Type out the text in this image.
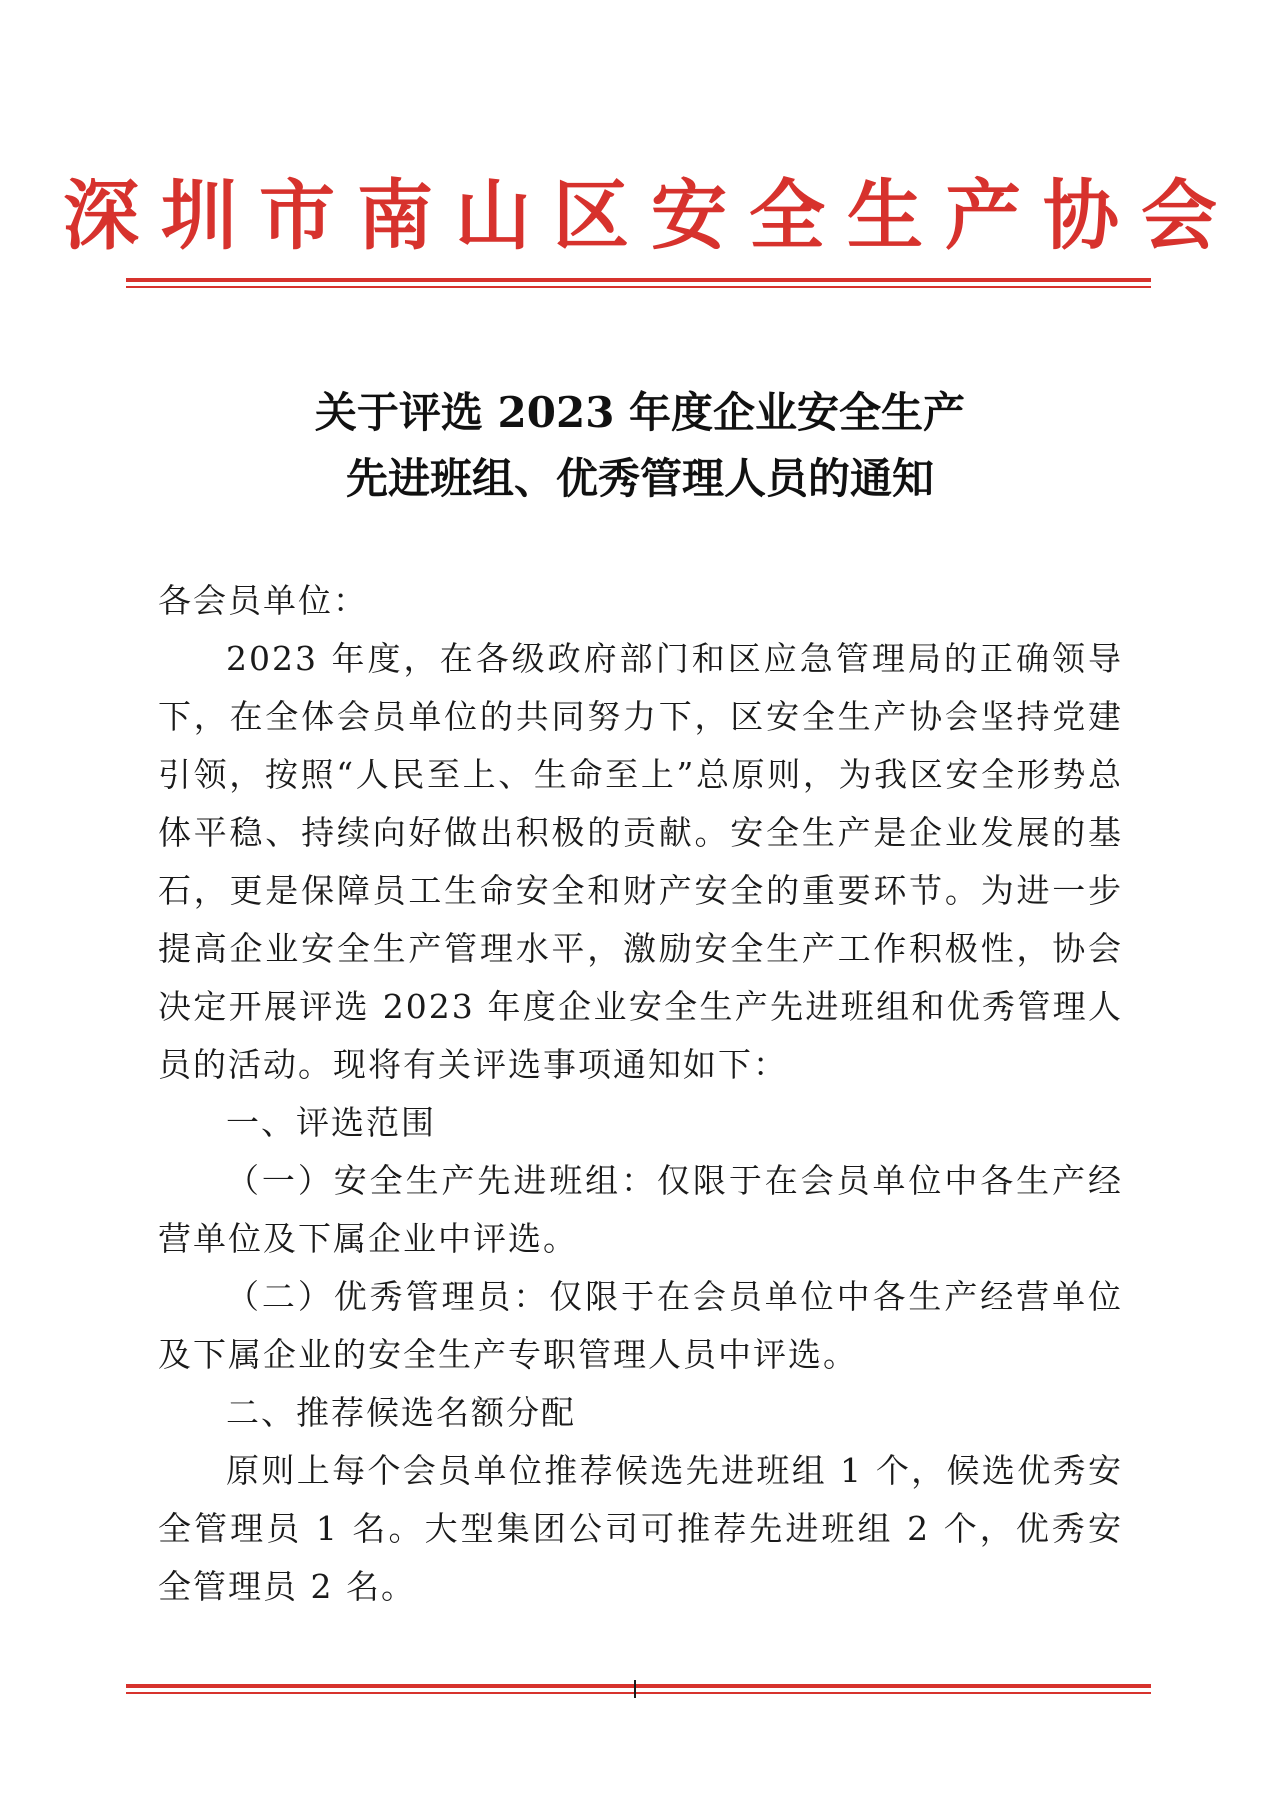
深圳市南山区安全生产协会
关于评选 2023 年度企业安全生产
先进班组、优秀管理人员的通知

各会员单位：

2023 年度，在各级政府部门和区应急管理局的正确领导下，在全体会员单位的共同努力下，区安全生产协会坚持党建引领，按照“人民至上、生命至上”总原则，为我区安全形势总体平稳、持续向好做出积极的贡献。安全生产是企业发展的基石，更是保障员工生命安全和财产安全的重要环节。为进一步提高企业安全生产管理水平，激励安全生产工作积极性，协会决定开展评选 2023 年度企业安全生产先进班组和优秀管理人员的活动。现将有关评选事项通知如下：

一、评选范围

（一）安全生产先进班组：仅限于在会员单位中各生产经营单位及下属企业中评选。

（二）优秀管理员：仅限于在会员单位中各生产经营单位及下属企业的安全生产专职管理人员中评选。

二、推荐候选名额分配

原则上每个会员单位推荐候选先进班组 1 个，候选优秀安全管理员 1 名。大型集团公司可推荐先进班组 2 个，优秀安全管理员 2 名。
